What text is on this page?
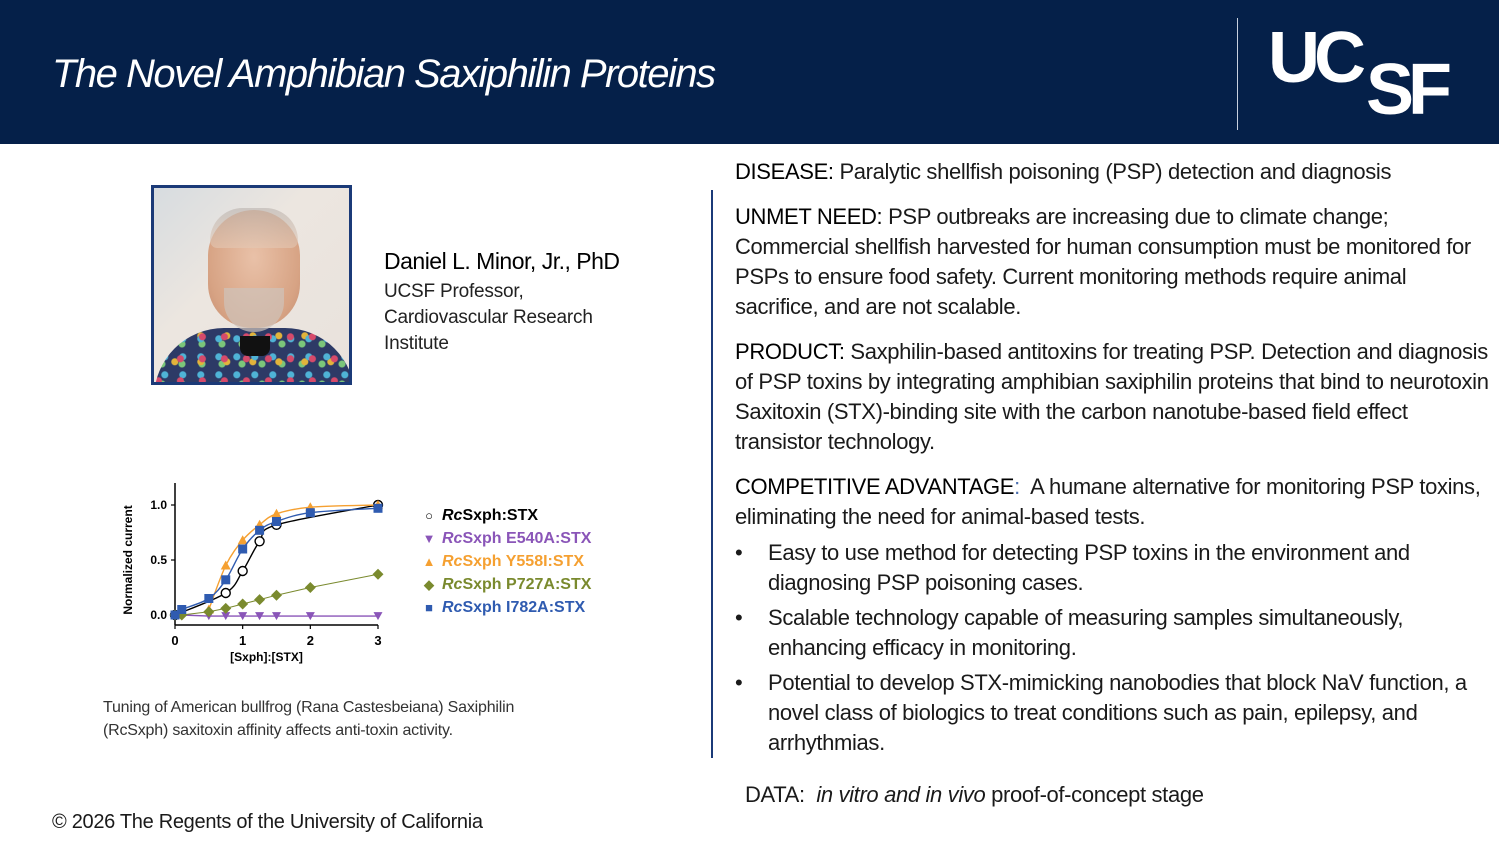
The Novel Amphibian Saxiphilin Proteins	UC SF
Daniel L. Minor, Jr., PhD
UCSF Professor,
Cardiovascular Research
Institute
0	1	2	3
0.0
0.5
1.0
[Sxph]:[STX]
Normalized current	○ RcSxph:STX
▼ RcSxph E540A:STX
▲ RcSxph Y558I:STX
◆ RcSxph P727A:STX
■ RcSxph I782A:STX
Tuning of American bullfrog (Rana Castesbeiana) Saxiphilin
(RcSxph) saxitoxin affinity affects anti-toxin activity.
© 2026 The Regents of the University of California

DISEASE: Paralytic shellfish poisoning (PSP) detection and diagnosis

UNMET NEED: PSP outbreaks are increasing due to climate change; Commercial shellfish harvested for human consumption must be monitored for PSPs to ensure food safety. Current monitoring methods require animal sacrifice, and are not scalable.

PRODUCT: Saxphilin-based antitoxins for treating PSP. Detection and diagnosis of PSP toxins by integrating amphibian saxiphilin proteins that bind to neurotoxin Saxitoxin (STX)-binding site with the carbon nanotube-based field effect transistor technology.

COMPETITIVE ADVANTAGE:  A humane alternative for monitoring PSP toxins, eliminating the need for animal-based tests.

• Easy to use method for detecting PSP toxins in the environment and diagnosing PSP poisoning cases.
• Scalable technology capable of measuring samples simultaneously, enhancing efficacy in monitoring.
• Potential to develop STX-mimicking nanobodies that block NaV function, a novel class of biologics to treat conditions such as pain, epilepsy, and arrhythmias.
DATA: in vitro and in vivo proof-of-concept stage
